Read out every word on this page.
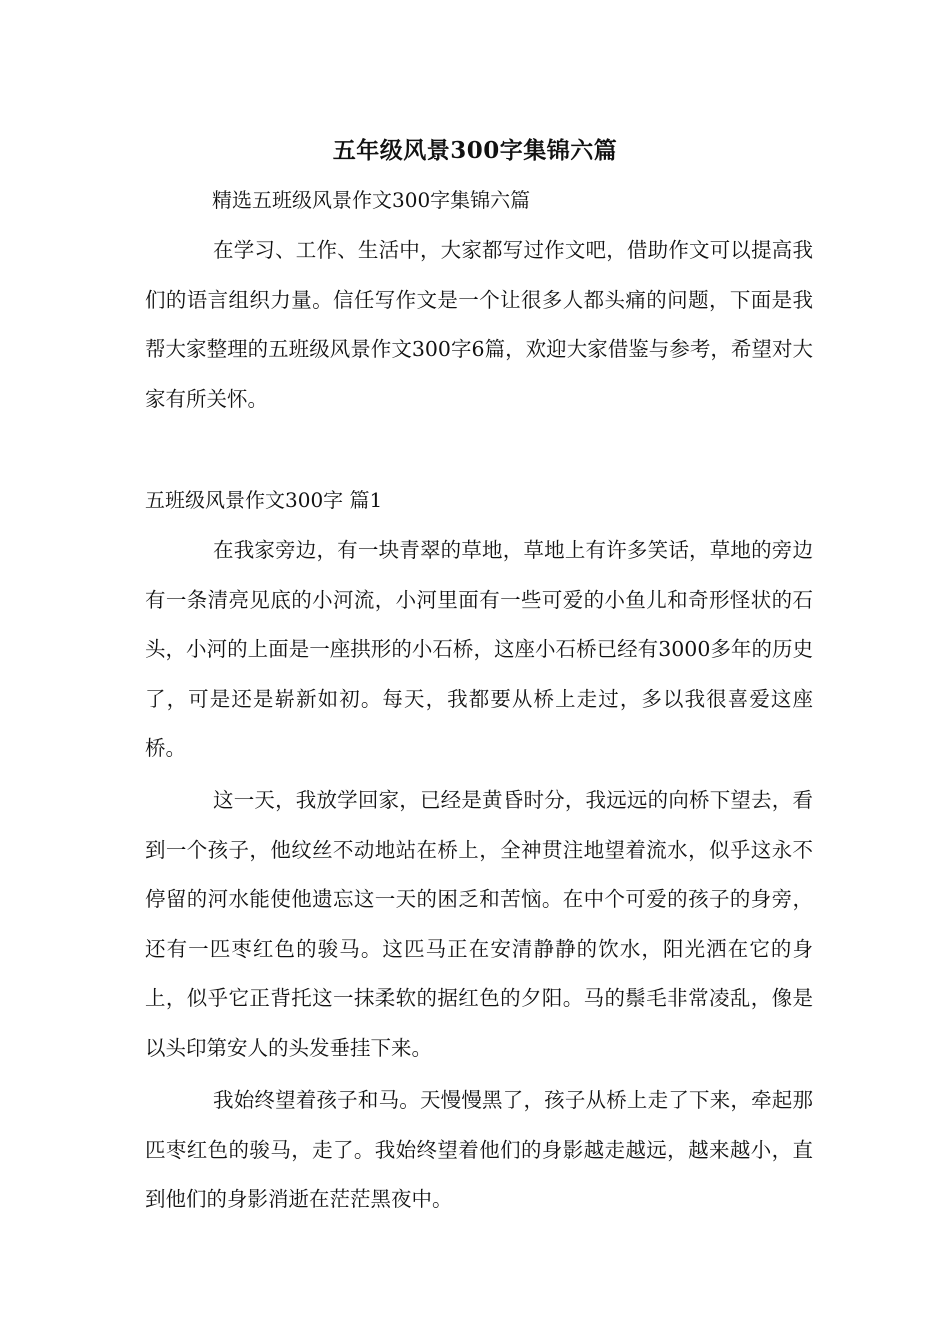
五年级风景300字集锦六篇
精选五班级风景作文300字集锦六篇

在学习、工作、生活中，大家都写过作文吧，借助作文可以提高我们的语言组织力量。信任写作文是一个让很多人都头痛的问题，下面是我帮大家整理的五班级风景作文300字6篇，欢迎大家借鉴与参考，希望对大家有所关怀。

五班级风景作文300字 篇1

在我家旁边，有一块青翠的草地，草地上有许多笑话，草地的旁边有一条清亮见底的小河流，小河里面有一些可爱的小鱼儿和奇形怪状的石头，小河的上面是一座拱形的小石桥，这座小石桥已经有3000多年的历史了，可是还是崭新如初。每天，我都要从桥上走过，多以我很喜爱这座桥。

这一天，我放学回家，已经是黄昏时分，我远远的向桥下望去，看到一个孩子，他纹丝不动地站在桥上，全神贯注地望着流水，似乎这永不停留的河水能使他遗忘这一天的困乏和苦恼。在中个可爱的孩子的身旁，还有一匹枣红色的骏马。这匹马正在安清静静的饮水，阳光洒在它的身上，似乎它正背托这一抹柔软的据红色的夕阳。马的鬃毛非常凌乱，像是以头印第安人的头发垂挂下来。

我始终望着孩子和马。天慢慢黑了，孩子从桥上走了下来，牵起那匹枣红色的骏马，走了。我始终望着他们的身影越走越远，越来越小，直到他们的身影消逝在茫茫黑夜中。
